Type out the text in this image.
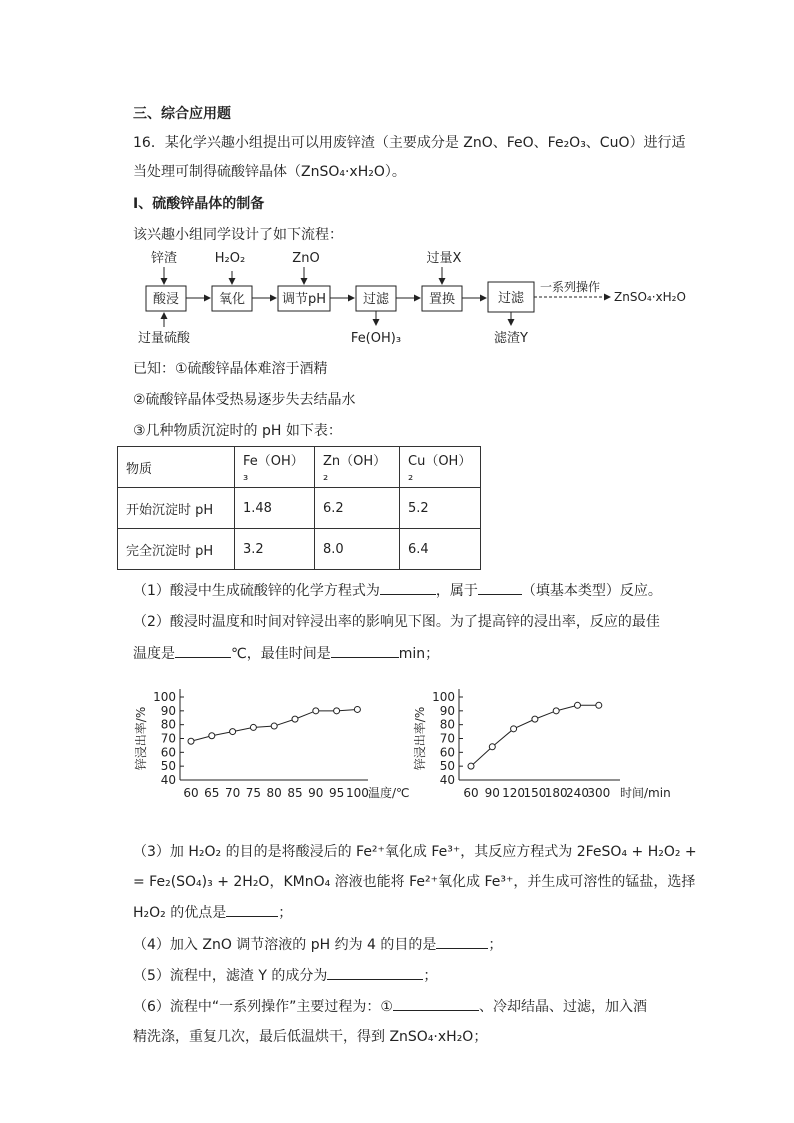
三、综合应用题
16．某化学兴趣小组提出可以用废锌渣（主要成分是 ZnO、FeO、Fe₂O₃、CuO）进行适
当处理可制得硫酸锌晶体（ZnSO₄·xH₂O）。
Ⅰ、硫酸锌晶体的制备
该兴趣小组同学设计了如下流程：
酸浸	氧化	调节pH	过滤	置换	过滤
锌渣	H₂O₂	ZnO	过量X
过量硫酸	Fe(OH)₃	滤渣Y
一系列操作
ZnSO₄·xH₂O
已知：①硫酸锌晶体难溶于酒精
②硫酸锌晶体受热易逐步失去结晶水
③几种物质沉淀时的 pH 如下表：
物质	Fe（OH）₃	Zn（OH）₂	Cu（OH）₂
开始沉淀时 pH	1.48	6.2	5.2
完全沉淀时 pH	3.2	8.0	6.4
（1）酸浸中生成硫酸锌的化学方程式为	，属于	（填基本类型）反应。
（2）酸浸时温度和时间对锌浸出率的影响见下图。为了提高锌的浸出率，反应的最佳
温度是	℃，最佳时间是	min；
40
50
60
70
80
90
100
锌浸出率/%
60 65 70 75 80 85 90 95 100 温度/℃
40
50
60
70
80
90
100
锌浸出率/%
60 90 120
150
180
240
300 时间/min
（3）加 H₂O₂ 的目的是将酸浸后的 Fe²⁺氧化成 Fe³⁺，其反应方程式为 2FeSO₄ + H₂O₂ +
= Fe₂(SO₄)₃ + 2H₂O，KMnO₄ 溶液也能将 Fe²⁺氧化成 Fe³⁺，并生成可溶性的锰盐，选择
H₂O₂ 的优点是	；
（4）加入 ZnO 调节溶液的 pH 约为 4 的目的是	；
（5）流程中，滤渣 Y 的成分为	；
（6）流程中“一系列操作”主要过程为：①	、冷却结晶、过滤，加入酒
精洗涤，重复几次，最后低温烘干，得到 ZnSO₄·xH₂O；
